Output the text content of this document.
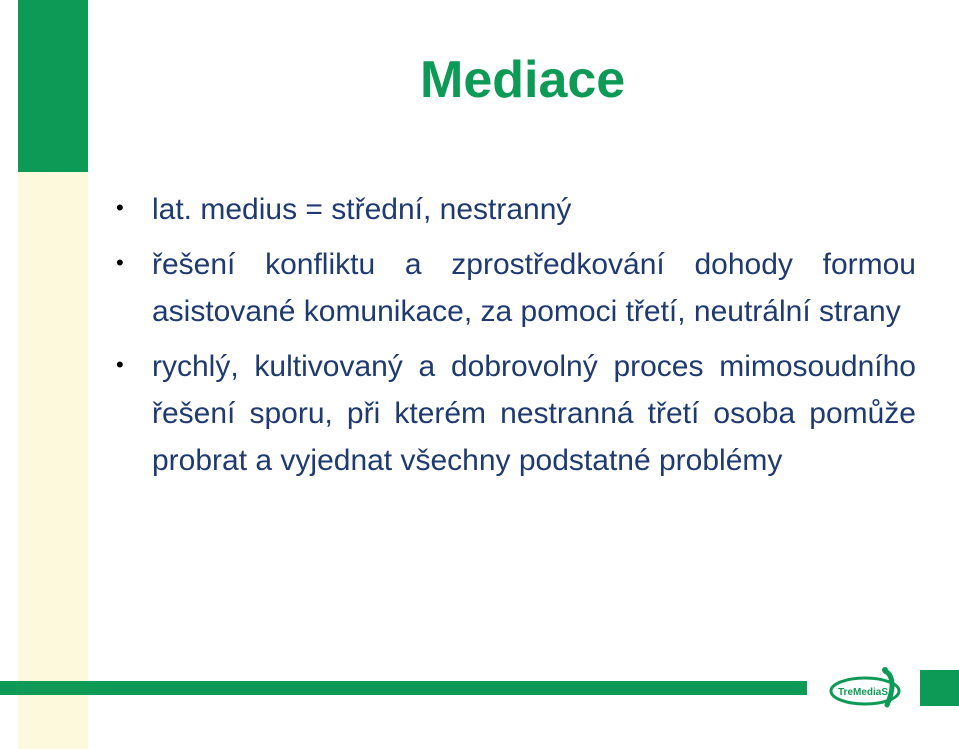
Mediace
• lat. medius = střední, nestranný
• řešení konfliktu a zprostředkování dohody formou asistované komunikace, za pomoci třetí, neutrální strany
• rychlý, kultivovaný a dobrovolný proces mimosoudního řešení sporu, při kterém nestranná třetí osoba pomůže probrat a vyjednat všechny podstatné problémy
TreMediaS
